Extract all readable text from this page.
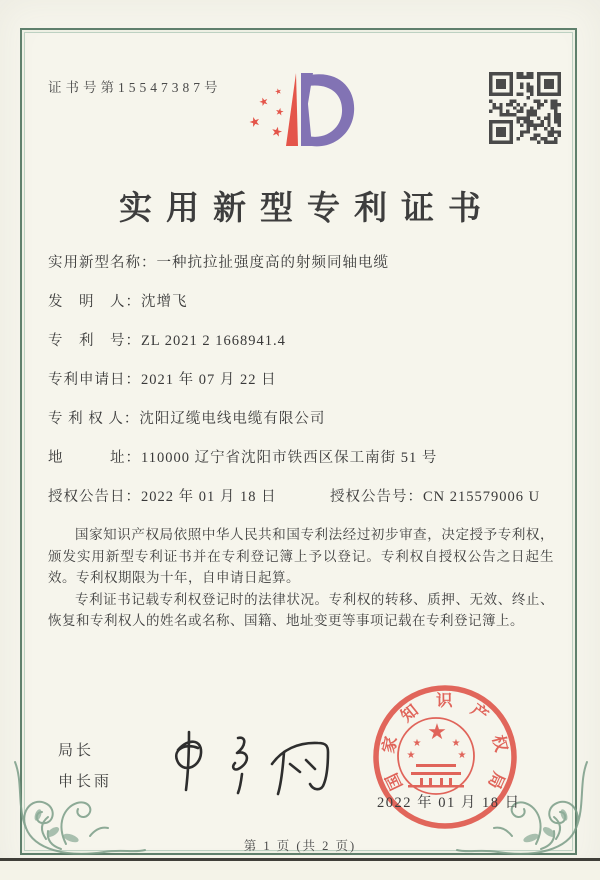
证书号第15547387号	★
★
★
★
★
实用新型专利证书
实用新型名称：一种抗拉扯强度高的射频同轴电缆
发　明　人：沈增飞
专　利　号：ZL 2021 2 1668941.4
专利申请日：2021 年 07 月 22 日
专 利 权 人：沈阳辽缆电线电缆有限公司
地　　　址：110000 辽宁省沈阳市铁西区保工南街 51 号
授权公告日：2022 年 01 月 18 日	授权公告号：CN 215579006 U

国家知识产权局依照中华人民共和国专利法经过初步审查，决定授予专利权，颁发实用新型专利证书并在专利登记簿上予以登记。专利权自授权公告之日起生效。专利权期限为十年，自申请日起算。

专利证书记载专利权登记时的法律状况。专利权的转移、质押、无效、终止、恢复和专利权人的姓名或名称、国籍、地址变更等事项记载在专利登记簿上。

局长
申长雨	国家知识产权局
★
★	★
★	★
2022 年 01 月 18 日
第 1 页 (共 2 页)
